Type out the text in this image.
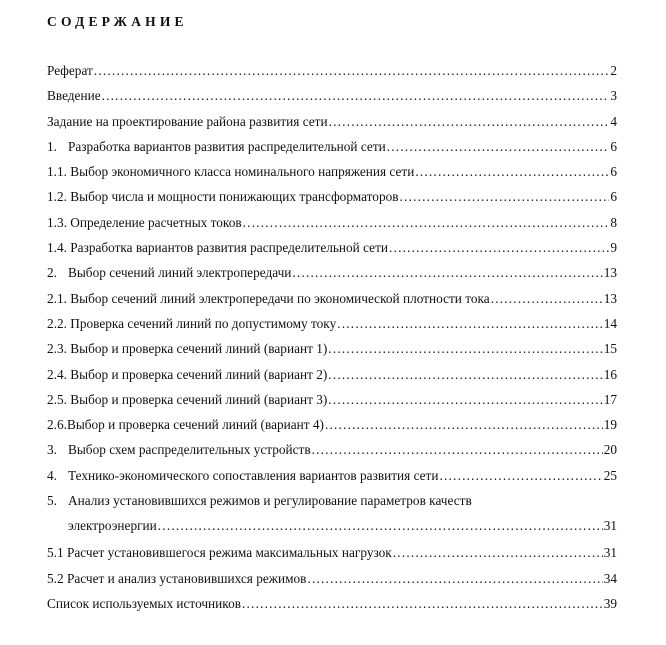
СОДЕРЖАНИЕ
Реферат .....	2
Введение .....	3
Задание на проектирование района развития сети .....	4
1. Разработка вариантов развития распределительной сети .....	6
1.1. Выбор экономичного класса номинального напряжения сети .....	6
1.2. Выбор числа и мощности понижающих трансформаторов .....	6
1.3. Определение расчетных токов .....	8
1.4. Разработка вариантов развития распределительной сети .....	9
2. Выбор сечений линий электропередачи .....	13
2.1. Выбор сечений линий электропередачи по экономической плотности тока .....	13
2.2. Проверка сечений линий по допустимому току .....	14
2.3. Выбор и проверка сечений линий (вариант 1) .....	15
2.4. Выбор и проверка сечений линий (вариант 2) .....	16
2.5. Выбор и проверка сечений линий (вариант 3) .....	17
2.6.Выбор и проверка сечений линий (вариант 4) .....	19
3. Выбор схем распределительных устройств .....	20
4. Технико-экономического сопоставления вариантов развития сети .....	25
5. Анализ установившихся режимов и регулирование параметров качеств
электроэнергии .....	31
5.1 Расчет установившегося режима максимальных нагрузок .....	31
5.2 Расчет и анализ установившихся режимов .....	34
Список используемых источников .....	39
